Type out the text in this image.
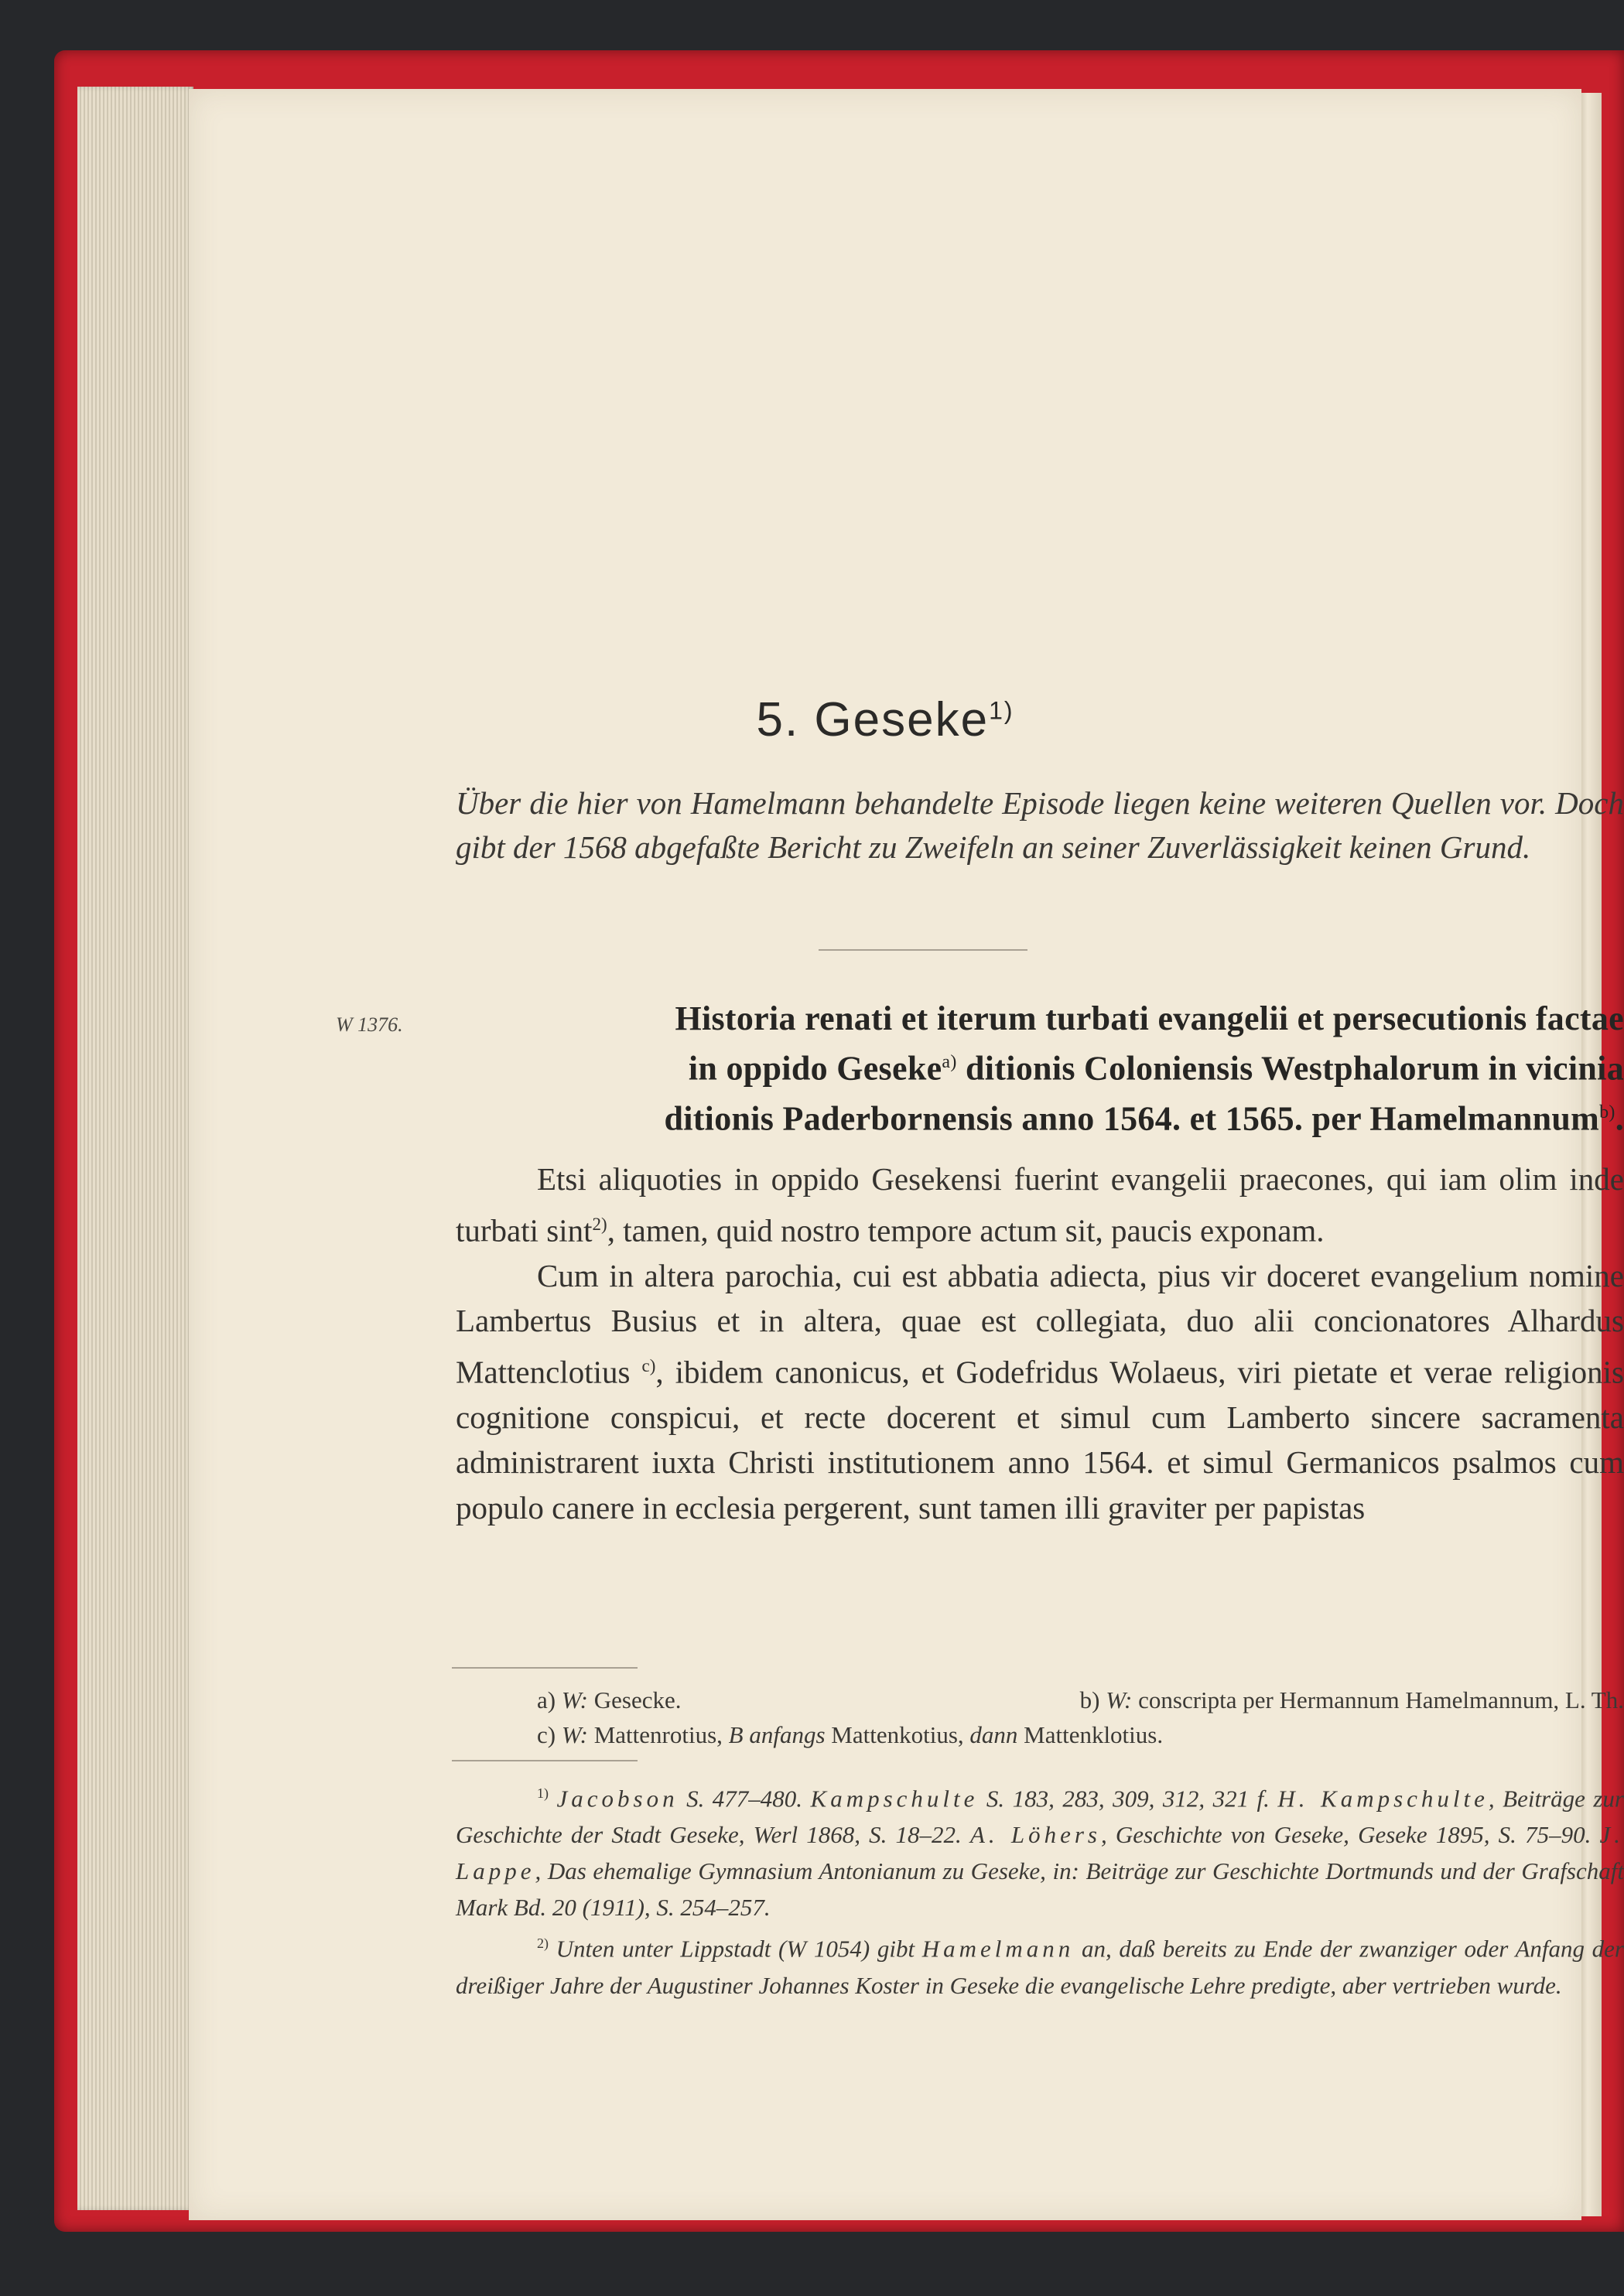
5. Geseke$^{1)}$
Über die hier von Hamelmann behandelte Episode liegen keine weiteren Quellen vor. Doch gibt der 1568 abgefaßte Bericht zu Zweifeln an seiner Zuverlässigkeit keinen Grund.
W 1376.	Historia renati et iterum turbati evangelii et persecutionis factae
in oppido Geseke$^{a)}$ ditionis Coloniensis Westphalorum in vicinia
ditionis Paderbornensis anno 1564. et 1565. per Hamelmannum$^{b)}$.

Etsi aliquoties in oppido Gesekensi fuerint evangelii praecones, qui iam olim inde turbati sint$^{2)}$, tamen, quid nostro tempore actum sit, paucis exponam.

Cum in altera parochia, cui est abbatia adiecta, pius vir doceret evangelium nomine Lambertus Busius et in altera, quae est collegiata, duo alii concionatores Alhardus Mattenclotius $^{c)}$, ibidem canonicus, et Godefridus Wolaeus, viri pietate et verae religionis cognitione conspicui, et recte docerent et simul cum Lamberto sincere sacramenta administrarent iuxta Christi institutionem anno 1564. et simul Germanicos psalmos cum populo canere in ecclesia pergerent, sunt tamen illi graviter per papistas

a) W: Gesecke.	b) W: conscripta per Hermannum Hamelmannum, L. Th.
c) W: Mattenrotius, B anfangs Mattenkotius, dann Mattenklotius.

$^{1)}$ Jacobson S. 477–480. Kampschulte S. 183, 283, 309, 312, 321 f. H. Kampschulte, Beiträge zur Geschichte der Stadt Geseke, Werl 1868, S. 18–22. A. Löhers, Geschichte von Geseke, Geseke 1895, S. 75–90. J. Lappe, Das ehemalige Gymnasium Antonianum zu Geseke, in: Beiträge zur Geschichte Dortmunds und der Grafschaft Mark Bd. 20 (1911), S. 254–257.

$^{2)}$ Unten unter Lippstadt (W 1054) gibt Hamelmann an, daß bereits zu Ende der zwanziger oder Anfang der dreißiger Jahre der Augustiner Johannes Koster in Geseke die evangelische Lehre predigte, aber vertrieben wurde.
